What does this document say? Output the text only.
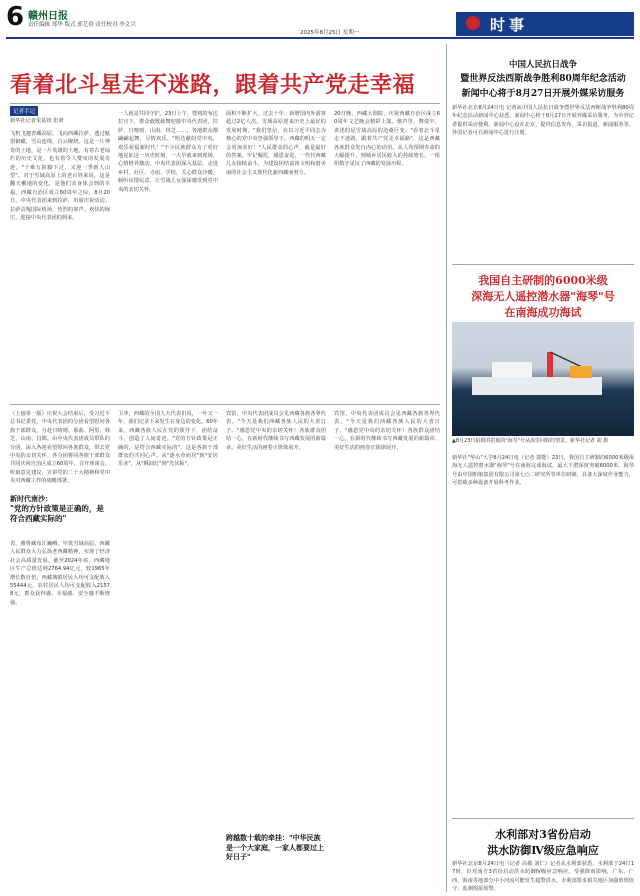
6 赣州日报
责任编辑 郑华 版式 郭艺蓓 责任校对 李文兴
2025年8月25日 星期一	时事
看着北斗星走不迷路，跟着共产党走幸福
记者手记
新华社记者朱基钗 张研
飞机飞越青藏高原，飞向西藏拉萨。透过舷窗俯瞰，雪山连绵，白云缭绕。这是一片神奇的土地，是一片英雄的土地，有着古老灿烂的历史文化，也有着令人赞叹的发展奇迹。"千难万险脚下过，又迎一季新人山望"。对于雪域高原上的老百姓来说，这是翻天覆地的变化，是他们亲身体会到的幸福。西藏自治区成立60周年之际，8月20日，中央代表团来到拉萨，出席庆祝活动。拉萨贡嘎国际机场，热烈的掌声、欢快的锅庄，迎接中央代表团的到来。
一人就是共同守护。23日上午，暨将的布达拉宫下，群众载歌载舞迎接中央代表团，拉萨、日喀则、山南、林芝……，各地群众都翩翩起舞，尽情欢乐。"哈达献给党中央，欢乐祝福新时代！"不少民族群众为了更好地见证这一历史时刻，一大早就来到现场，心情格外激动。中央代表团深入基层，走进乡村、社区、寺庙、学校，关心群众冷暖，倾听民情民意，让雪域儿女深深感受到党中央的亲切关怀。
面积不断扩大，过去十年，新增国内外游客超过2亿人次。雪域高原迎来历史上最好的发展时期。"我们坚信，在以习近平同志为核心的党中央坚强领导下，西藏的明天一定会更加美好！"人民群众的心声，就是最好的答案。牢记嘱托，感恩奋进，一代代西藏儿女接续奋斗，为建设团结富裕文明和谐美丽的社会主义现代化新西藏而努力。
20日晚，西藏大剧院，庆祝西藏自治区成立60周年文艺晚会精彩上演。歌声里、舞姿中，讲述的是雪域高原的沧桑巨变。"看着北斗星走不迷路，跟着共产党走幸福路"，这是西藏各族群众发自内心的话语。从人均预期寿命的大幅提升，到城乡居民收入的持续增长，一组组数字见证了西藏的发展历程。
（上接第一版）庆祝大会结束后，受习近平总书记委托，中央代表团的分团看望慰问各族干部群众，分赴日喀则、那曲、阿里、林芝、山南、昌都。由中央代表团成员带队的分团，深入各地看望慰问各族群众，带去党中央的亲切关怀。各分团将同各族干部群众共同庆祝自治区成立60周年，召开座谈会，听取意见建议，宣讲党的二十大精神和党中央对西藏工作的战略部署。
新时代南沙：
"党的方针政策是正确的，是符合西藏实际的"
表，雅鲁藏布江巍峨，牢筑雪域高原，西藏人民群众大力弘扬老西藏精神，实现了经济社会高质量发展。截至2024年底，西藏地区生产总值达到2764.94亿元，较1965年增长数百倍。西藏城镇居民人均可支配收入55444元，农村居民人均可支配收入21578元，群众获得感、幸福感、安全感不断增强。
卫冲，西藏的全国人大代表们说，一年又一年，我们记录下来发生在身边的变化。60年来，西藏各族人民在党的领导下，团结奋斗，创造了人间奇迹。"党的方针政策是正确的，是符合西藏实际的"，这是各族干部群众的共同心声。从"逐水草而居"到"安居乐业"，从"酥油灯"到"光伏板"。
宾馆，中央代表团成员会见西藏各族各界代表。"今天是我们西藏各族人民的大喜日子。"感恩党中央的亲切关怀！各族群众团结一心，在新时代继续书写西藏发展的新篇章。美好生活的画卷正徐徐展开。
跨越数十载的牵挂："中华民族是一个大家庭，一家人都要过上好日子"
宾馆，中央代表团成员会见西藏各族各界代表。"今天是我们西藏各族人民的大喜日子。"感恩党中央的亲切关怀！各族群众团结一心，在新时代继续书写西藏发展的新篇章。美好生活的画卷正徐徐展开。
中国人民抗日战争
暨世界反法西斯战争胜利80周年纪念活动
新闻中心将于8月27日开展外媒采访服务
新华社北京8月24日电 记者从中国人民抗日战争暨世界反法西斯战争胜利80周年纪念活动新闻中心获悉，新闻中心将于8月27日开展外媒采访服务，为中外记者提供采访便利。新闻中心设在北京，提供信息发布、采访报道、新闻服务等。外国记者可在新闻中心进行注册。
我国自主研制的6000米级
深海无人遥控潜水器"海琴"号
在南海成功海试
▲8月23日拍摄的搭载的"海琴"号从海里回收的情景。新华社记者 胡 摄
新华社"华山"大学8月24日电（记者 郭能）23日，我国自主研制的6000米级深海无人遥控潜水器"海琴"号在南海完成海试，最大下潜深度突破6000米。海琴号由中国船舶集团有限公司第七○二研究所等单位研制，具备大深度作业能力，可搭载多种设备开展科考作业。
水利部对3省份启动
洪水防御Ⅳ级应急响应
新华社北京8月24日电（记者 高敬 刘仁）记者从水利部获悉，水利部于24日17时，针对南方3省份启动洪水防御Ⅳ级应急响应。受强降雨影响，广东、广西、海南等地部分中小河流可能发生超警洪水，水利部要求相关地区加强值班值守、监测预报预警。
